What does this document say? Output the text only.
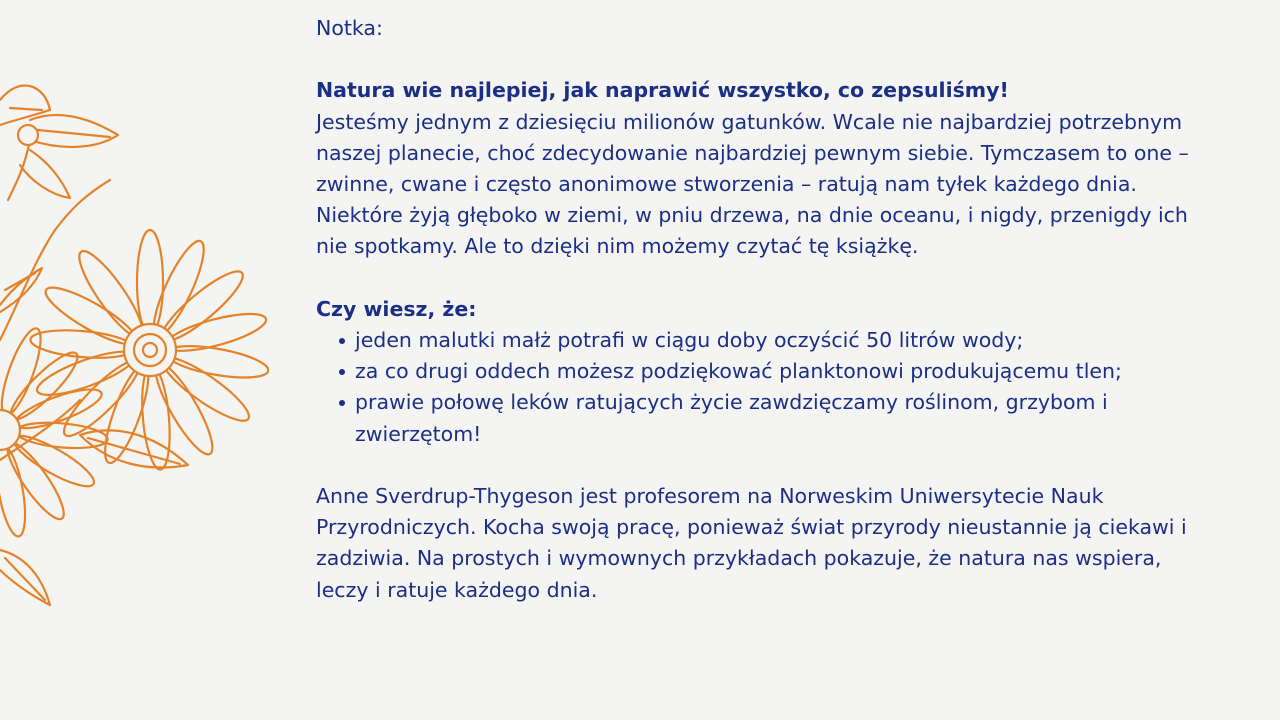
Notka:

Natura wie najlepiej, jak naprawić wszystko, co zepsuliśmy!

Jesteśmy jednym z dziesięciu milionów gatunków. Wcale nie najbardziej potrzebnym naszej planecie, choć zdecydowanie najbardziej pewnym siebie. Tymczasem to one – zwinne, cwane i często anonimowe stworzenia – ratują nam tyłek każdego dnia. Niektóre żyją głęboko w ziemi, w pniu drzewa, na dnie oceanu, i nigdy, przenigdy ich nie spotkamy. Ale to dzięki nim możemy czytać tę książkę.

Czy wiesz, że:

jeden malutki małż potrafi w ciągu doby oczyścić 50 litrów wody;
za co drugi oddech możesz podziękować planktonowi produkującemu tlen;
prawie połowę leków ratujących życie zawdzięczamy roślinom, grzybom i zwierzętom!

Anne Sverdrup-Thygeson jest profesorem na Norweskim Uniwersytecie Nauk Przyrodniczych. Kocha swoją pracę, ponieważ świat przyrody nieustannie ją ciekawi i zadziwia. Na prostych i wymownych przykładach pokazuje, że natura nas wspiera, leczy i ratuje każdego dnia.
